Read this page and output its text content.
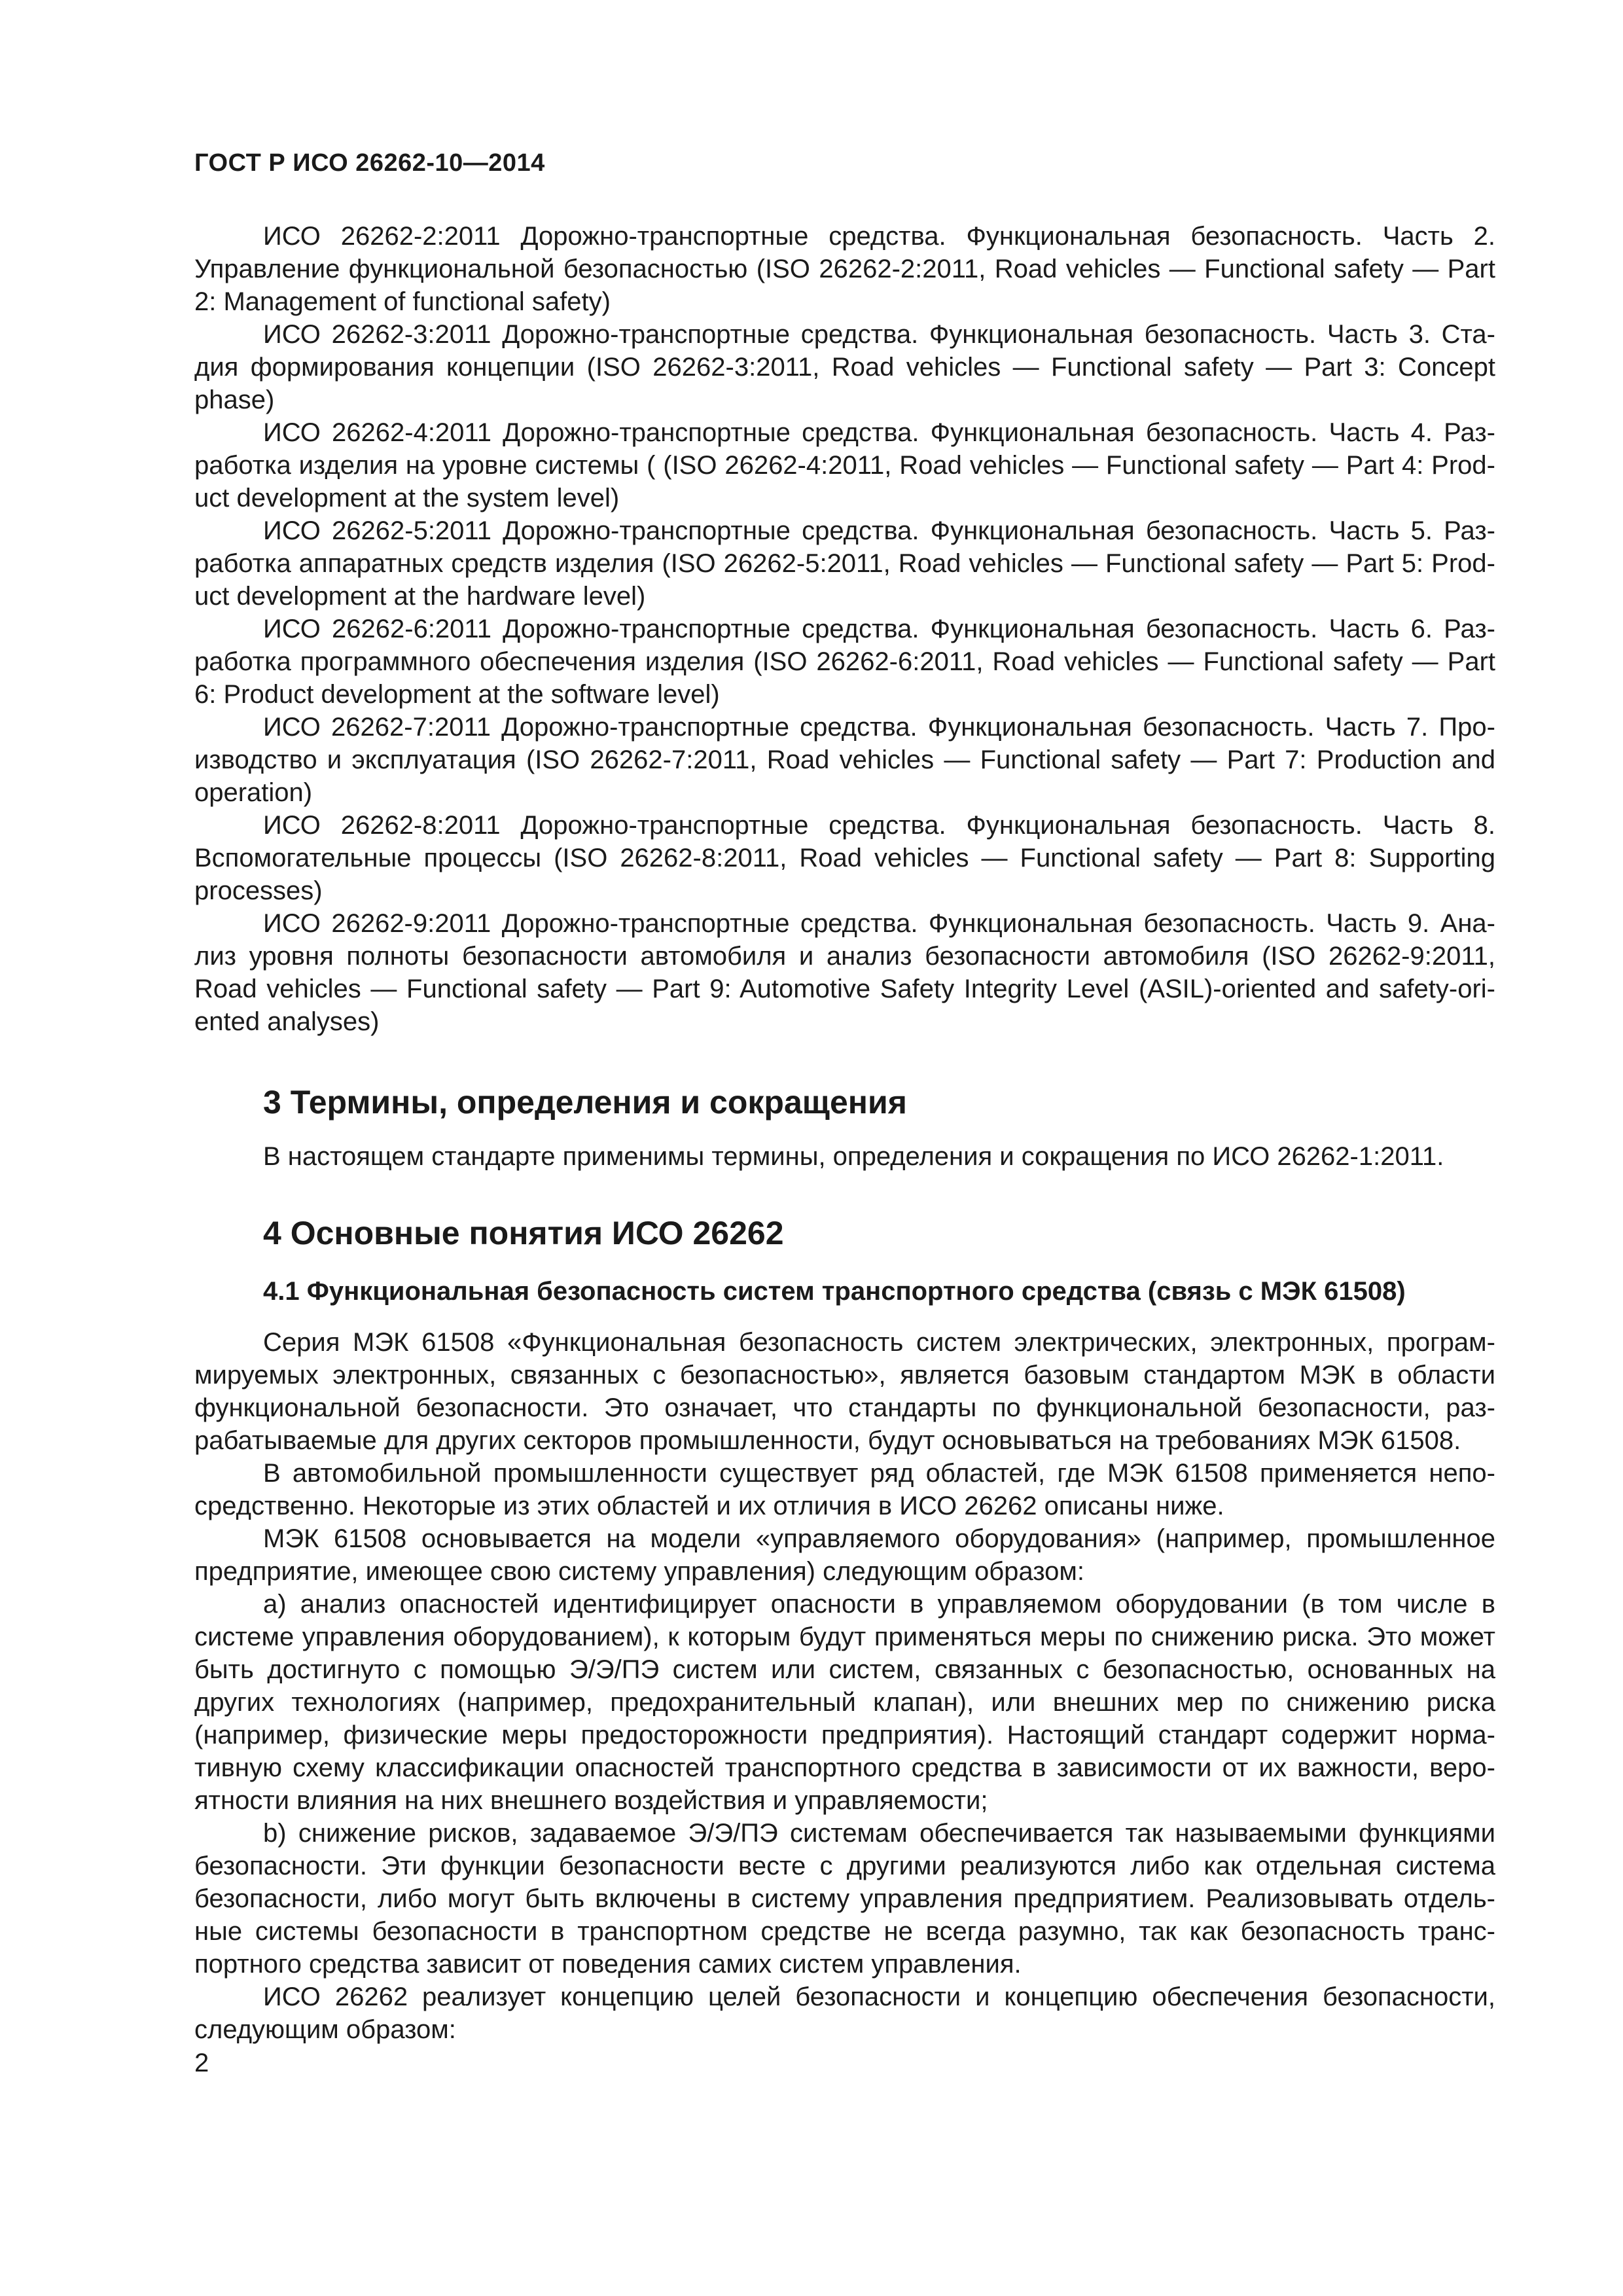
ГОСТ Р ИСО 26262-10—2014

ИСО 26262-2:2011 Дорожно-транспортные средства. Функциональная безопасность. Часть 2. Управление функциональной безопасностью (ISO 26262-2:2011, Road vehicles — Functional safety — Part 2: Management of functional safety)

ИСО 26262-3:2011 Дорожно-транспортные средства. Функциональная безопасность. Часть 3. Стадия формирования концепции (ISO 26262-3:2011, Road vehicles — Functional safety — Part 3: Concept phase)

ИСО 26262-4:2011 Дорожно-транспортные средства. Функциональная безопасность. Часть 4. Разработка изделия на уровне системы ( (ISO 26262-4:2011, Road vehicles — Functional safety — Part 4: Product development at the system level)

ИСО 26262-5:2011 Дорожно-транспортные средства. Функциональная безопасность. Часть 5. Разработка аппаратных средств изделия (ISO 26262-5:2011, Road vehicles — Functional safety — Part 5: Product development at the hardware level)

ИСО 26262-6:2011 Дорожно-транспортные средства. Функциональная безопасность. Часть 6. Разработка программного обеспечения изделия (ISO 26262-6:2011, Road vehicles — Functional safety — Part 6: Product development at the software level)

ИСО 26262-7:2011 Дорожно-транспортные средства. Функциональная безопасность. Часть 7. Производство и эксплуатация (ISO 26262-7:2011, Road vehicles — Functional safety — Part 7: Production and operation)

ИСО 26262-8:2011 Дорожно-транспортные средства. Функциональная безопасность. Часть 8. Вспомогательные процессы (ISO 26262-8:2011, Road vehicles — Functional safety — Part 8: Supporting processes)

ИСО 26262-9:2011 Дорожно-транспортные средства. Функциональная безопасность. Часть 9. Анализ уровня полноты безопасности автомобиля и анализ безопасности автомобиля (ISO 26262-9:2011, Road vehicles — Functional safety — Part 9: Automotive Safety Integrity Level (ASIL)-oriented and safety-oriented analyses)

3 Термины, определения и сокращения

В настоящем стандарте применимы термины, определения и сокращения по ИСО 26262-1:2011.

4 Основные понятия ИСО 26262
4.1 Функциональная безопасность систем транспортного средства (связь с МЭК 61508)

Серия МЭК 61508 «Функциональная безопасность систем электрических, электронных, программируемых электронных, связанных с безопасностью», является базовым стандартом МЭК в области функциональной безопасности. Это означает, что стандарты по функциональной безопасности, разрабатываемые для других секторов промышленности, будут основываться на требованиях МЭК 61508.

В автомобильной промышленности существует ряд областей, где МЭК 61508 применяется непосредственно. Некоторые из этих областей и их отличия в ИСО 26262 описаны ниже.

МЭК 61508 основывается на модели «управляемого оборудования» (например, промышленное предприятие, имеющее свою систему управления) следующим образом:

а) анализ опасностей идентифицирует опасности в управляемом оборудовании (в том числе в системе управления оборудованием), к которым будут применяться меры по снижению риска. Это может быть достигнуто с помощью Э/Э/ПЭ систем или систем, связанных с безопасностью, основанных на других технологиях (например, предохранительный клапан), или внешних мер по снижению риска (например, физические меры предосторожности предприятия). Настоящий стандарт содержит нормативную схему классификации опасностей транспортного средства в зависимости от их важности, вероятности влияния на них внешнего воздействия и управляемости;

b) снижение рисков, задаваемое Э/Э/ПЭ системам обеспечивается так называемыми функциями безопасности. Эти функции безопасности весте с другими реализуются либо как отдельная система безопасности, либо могут быть включены в систему управления предприятием. Реализовывать отдельные системы безопасности в транспортном средстве не всегда разумно, так как безопасность транспортного средства зависит от поведения самих систем управления.

ИСО 26262 реализует концепцию целей безопасности и концепцию обеспечения безопасности, следующим образом:

2
